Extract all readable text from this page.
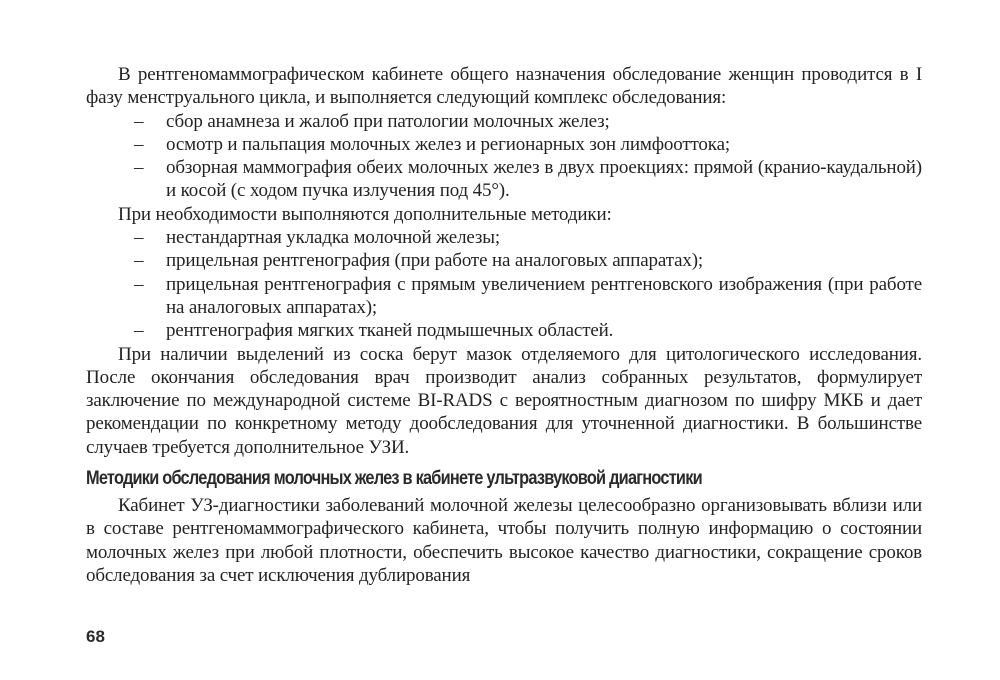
В рентгеномаммографическом кабинете общего назначения обследование женщин проводится в I фазу менструального цикла, и выполняется следующий комплекс обследования:

–	сбор анамнеза и жалоб при патологии молочных желез;
–	осмотр и пальпация молочных желез и регионарных зон лимфооттока;
–	обзорная маммография обеих молочных желез в двух проекциях: прямой (кранио-каудальной) и косой (с ходом пучка излучения под 45°).

При необходимости выполняются дополнительные методики:

–	нестандартная укладка молочной железы;
–	прицельная рентгенография (при работе на аналоговых аппаратах);
–	прицельная рентгенография с прямым увеличением рентгеновского изображения (при работе на аналоговых аппаратах);
–	рентгенография мягких тканей подмышечных областей.

При наличии выделений из соска берут мазок отделяемого для цитологического исследования. После окончания обследования врач производит анализ собранных результатов, формулирует заключение по международной системе BI-RADS с вероятностным диагнозом по шифру МКБ и дает рекомендации по конкретному методу дообследования для уточненной диагностики. В большинстве случаев требуется дополнительное УЗИ.

Методики обследования молочных желез в кабинете ультразвуковой диагностики

Кабинет УЗ-диагностики заболеваний молочной железы целесообразно организовывать вблизи или в составе рентгеномаммографического кабинета, чтобы получить полную информацию о состоянии молочных желез при любой плотности, обеспечить высокое качество диагностики, сокращение сроков обследования за счет исключения дублирования

68
